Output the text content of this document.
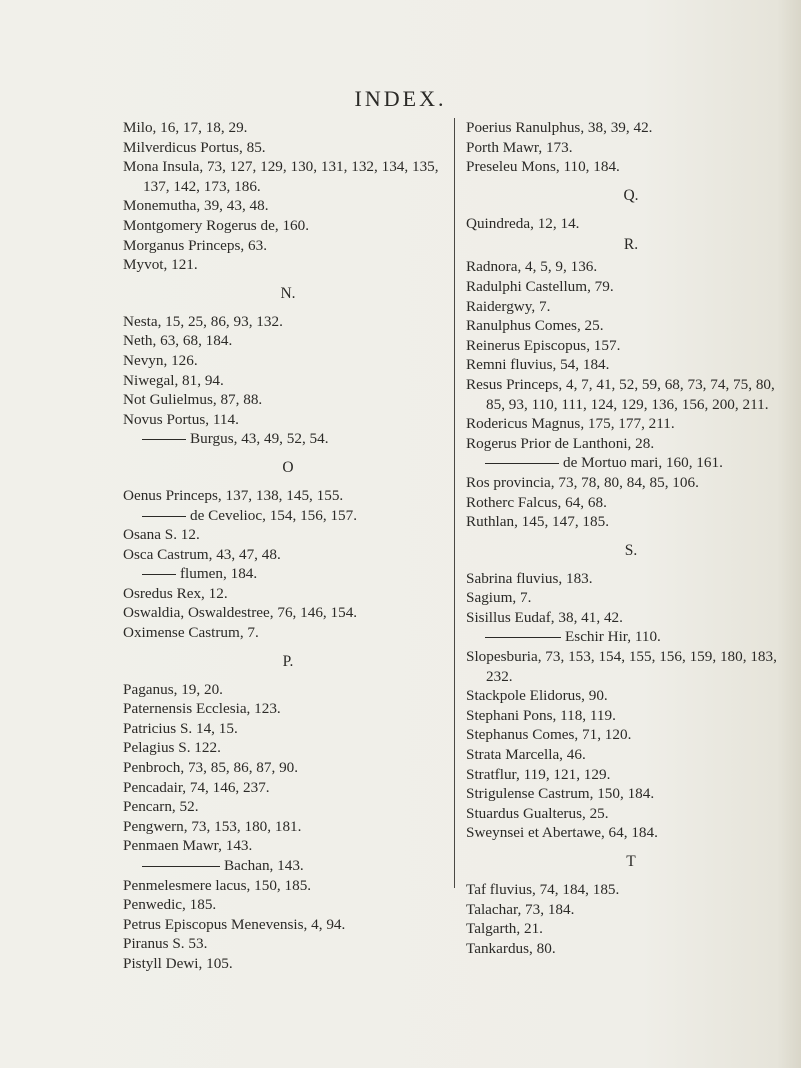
INDEX.
Milo, 16, 17, 18, 29.
Milverdicus Portus, 85.
Mona Insula, 73, 127, 129, 130, 131, 132, 134, 135, 137, 142, 173, 186.
Monemutha, 39, 43, 48.
Montgomery Rogerus de, 160.
Morganus Princeps, 63.
Myvot, 121.
N.
Nesta, 15, 25, 86, 93, 132.
Neth, 63, 68, 184.
Nevyn, 126.
Niwegal, 81, 94.
Not Gulielmus, 87, 88.
Novus Portus, 114.
Burgus, 43, 49, 52, 54.
O
Oenus Princeps, 137, 138, 145, 155.
de Cevelioc, 154, 156, 157.
Osana S. 12.
Osca Castrum, 43, 47, 48.
flumen, 184.
Osredus Rex, 12.
Oswaldia, Oswaldestree, 76, 146, 154.
Oximense Castrum, 7.
P.
Paganus, 19, 20.
Paternensis Ecclesia, 123.
Patricius S. 14, 15.
Pelagius S. 122.
Penbroch, 73, 85, 86, 87, 90.
Pencadair, 74, 146, 237.
Pencarn, 52.
Pengwern, 73, 153, 180, 181.
Penmaen Mawr, 143.
Bachan, 143.
Penmelesmere lacus, 150, 185.
Penwedic, 185.
Petrus Episcopus Menevensis, 4, 94.
Piranus S. 53.
Pistyll Dewi, 105.
Poerius Ranulphus, 38, 39, 42.
Porth Mawr, 173.
Preseleu Mons, 110, 184.
Q.
Quindreda, 12, 14.
R.
Radnora, 4, 5, 9, 136.
Radulphi Castellum, 79.
Raidergwy, 7.
Ranulphus Comes, 25.
Reinerus Episcopus, 157.
Remni fluvius, 54, 184.
Resus Princeps, 4, 7, 41, 52, 59, 68, 73, 74, 75, 80, 85, 93, 110, 111, 124, 129, 136, 156, 200, 211.
Rodericus Magnus, 175, 177, 211.
Rogerus Prior de Lanthoni, 28.
de Mortuo mari, 160, 161.
Ros provincia, 73, 78, 80, 84, 85, 106.
Rotherc Falcus, 64, 68.
Ruthlan, 145, 147, 185.
S.
Sabrina fluvius, 183.
Sagium, 7.
Sisillus Eudaf, 38, 41, 42.
Eschir Hir, 110.
Slopesburia, 73, 153, 154, 155, 156, 159, 180, 183, 232.
Stackpole Elidorus, 90.
Stephani Pons, 118, 119.
Stephanus Comes, 71, 120.
Strata Marcella, 46.
Stratflur, 119, 121, 129.
Strigulense Castrum, 150, 184.
Stuardus Gualterus, 25.
Sweynsei et Abertawe, 64, 184.
T
Taf fluvius, 74, 184, 185.
Talachar, 73, 184.
Talgarth, 21.
Tankardus, 80.
